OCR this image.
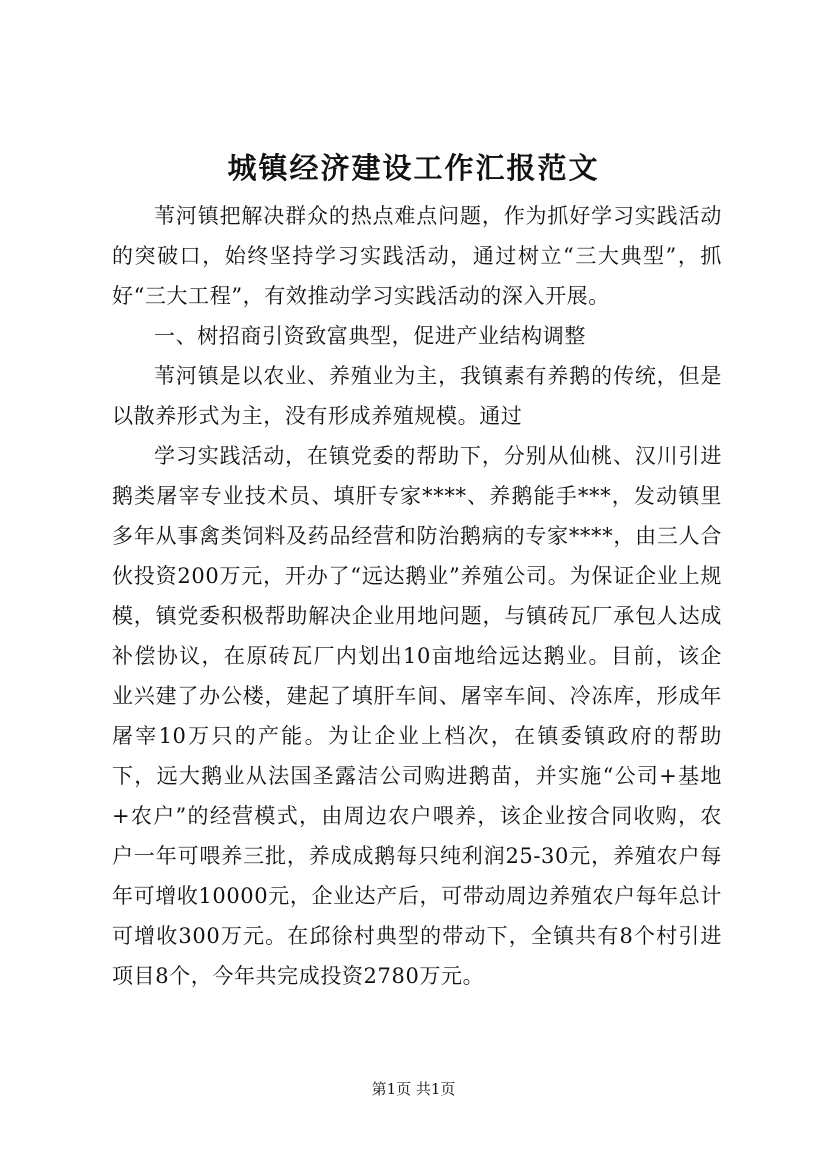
城镇经济建设工作汇报范文

苇河镇把解决群众的热点难点问题，作为抓好学习实践活动的突破口，始终坚持学习实践活动，通过树立“三大典型”，抓好“三大工程”，有效推动学习实践活动的深入开展。

一、树招商引资致富典型，促进产业结构调整

苇河镇是以农业、养殖业为主，我镇素有养鹅的传统，但是以散养形式为主，没有形成养殖规模。通过

学习实践活动，在镇党委的帮助下，分别从仙桃、汉川引进鹅类屠宰专业技术员、填肝专家****、养鹅能手***，发动镇里多年从事禽类饲料及药品经营和防治鹅病的专家****，由三人合伙投资200万元，开办了“远达鹅业”养殖公司。为保证企业上规模，镇党委积极帮助解决企业用地问题，与镇砖瓦厂承包人达成补偿协议，在原砖瓦厂内划出10亩地给远达鹅业。目前，该企业兴建了办公楼，建起了填肝车间、屠宰车间、冷冻库，形成年屠宰10万只的产能。为让企业上档次，在镇委镇政府的帮助下，远大鹅业从法国圣露洁公司购进鹅苗，并实施“公司+基地+农户”的经营模式，由周边农户喂养，该企业按合同收购，农户一年可喂养三批，养成成鹅每只纯利润25-30元，养殖农户每年可增收10000元，企业达产后，可带动周边养殖农户每年总计可增收300万元。在邱徐村典型的带动下，全镇共有8个村引进项目8个，今年共完成投资2780万元。

第1页 共1页
